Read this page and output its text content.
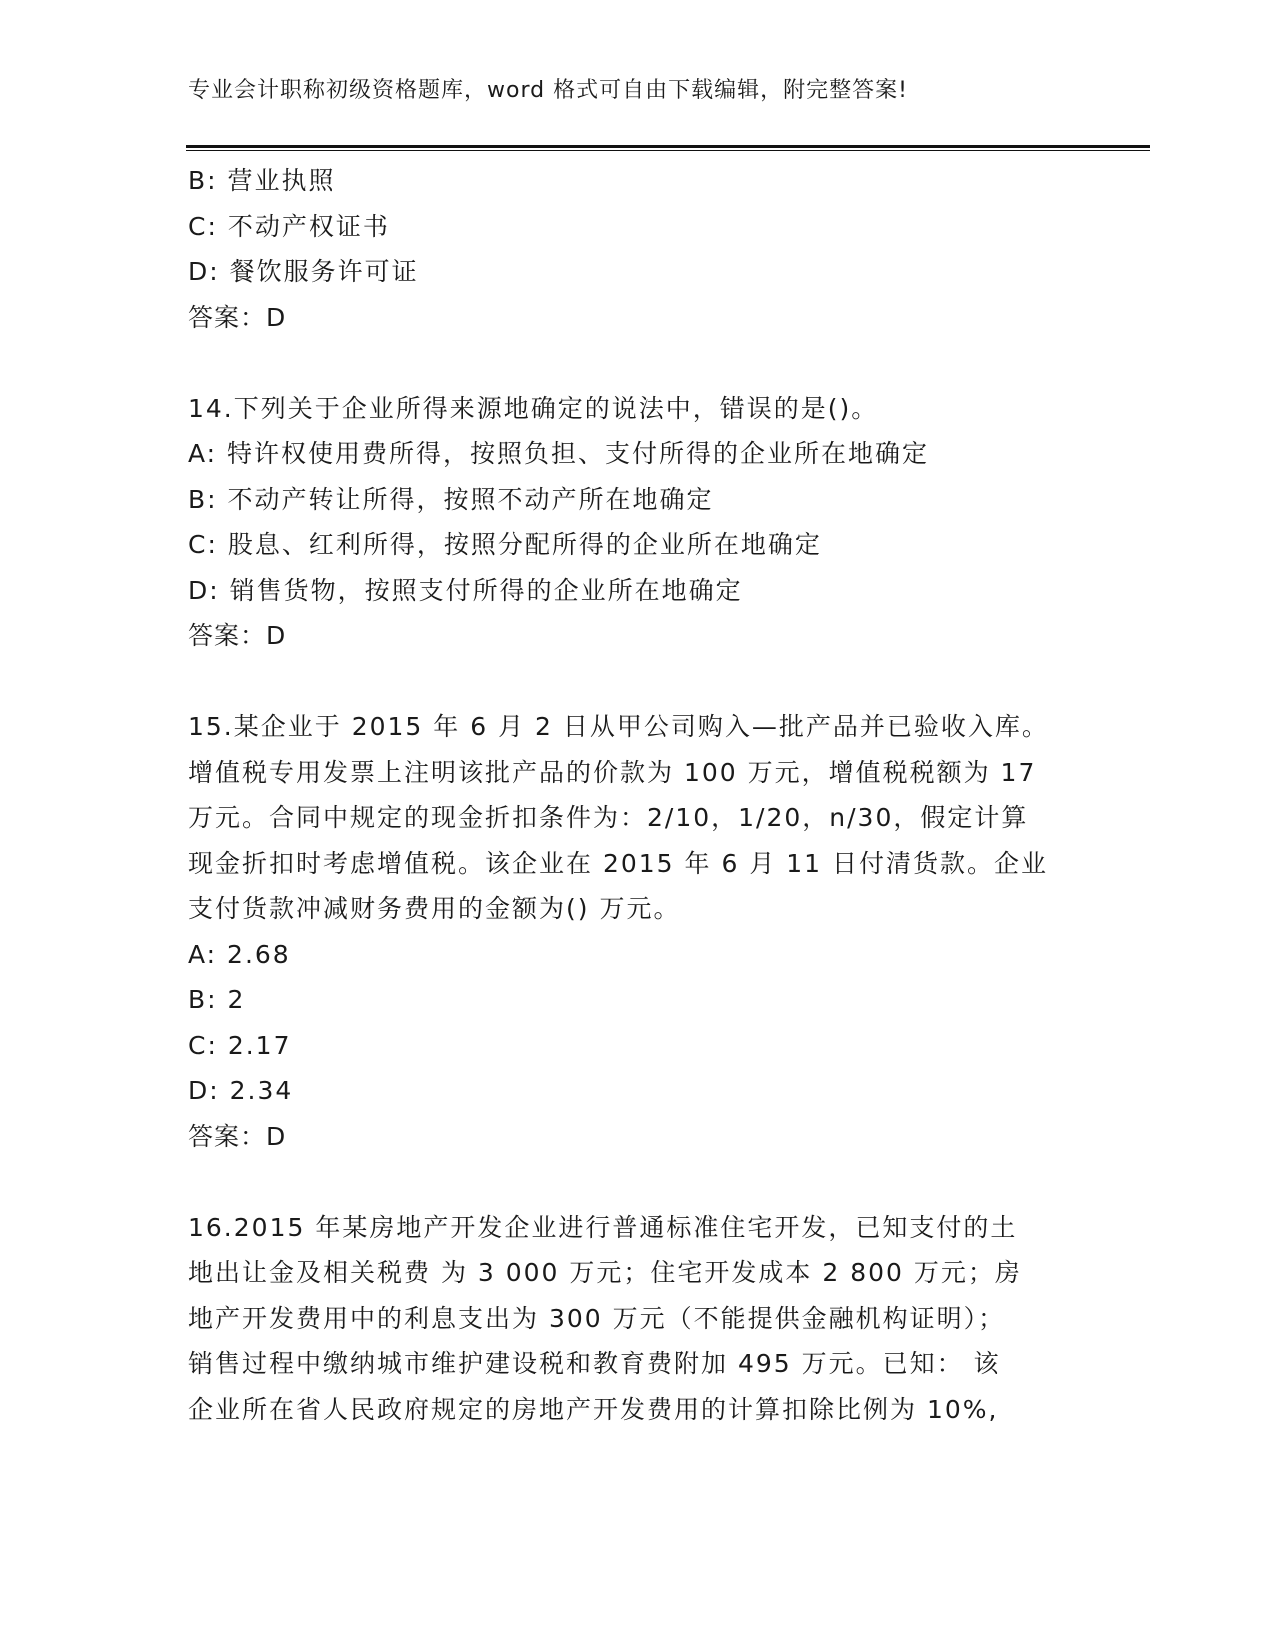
专业会计职称初级资格题库，word 格式可自由下载编辑，附完整答案!
B: 营业执照
C: 不动产权证书
D: 餐饮服务许可证
答案：D
14.下列关于企业所得来源地确定的说法中，错误的是()。
A: 特许权使用费所得，按照负担、支付所得的企业所在地确定
B: 不动产转让所得，按照不动产所在地确定
C: 股息、红利所得，按照分配所得的企业所在地确定
D: 销售货物，按照支付所得的企业所在地确定
答案：D
15.某企业于 2015 年 6 月 2 日从甲公司购入—批产品并已验收入库。
增值税专用发票上注明该批产品的价款为 100 万元，增值税税额为 17
万元。合同中规定的现金折扣条件为：2/10，1/20，n/30，假定计算
现金折扣时考虑增值税。该企业在 2015 年 6 月 11 日付清货款。企业
支付货款冲减财务费用的金额为() 万元。
A: 2.68
B: 2
C: 2.17
D: 2.34
答案：D
16.2015 年某房地产开发企业进行普通标准住宅开发，已知支付的土
地出让金及相关税费 为 3 000 万元；住宅开发成本 2 800 万元；房
地产开发费用中的利息支出为 300 万元（不能提供金融机构证明）；
销售过程中缴纳城市维护建设税和教育费附加 495 万元。已知： 该
企业所在省人民政府规定的房地产开发费用的计算扣除比例为 10%,
